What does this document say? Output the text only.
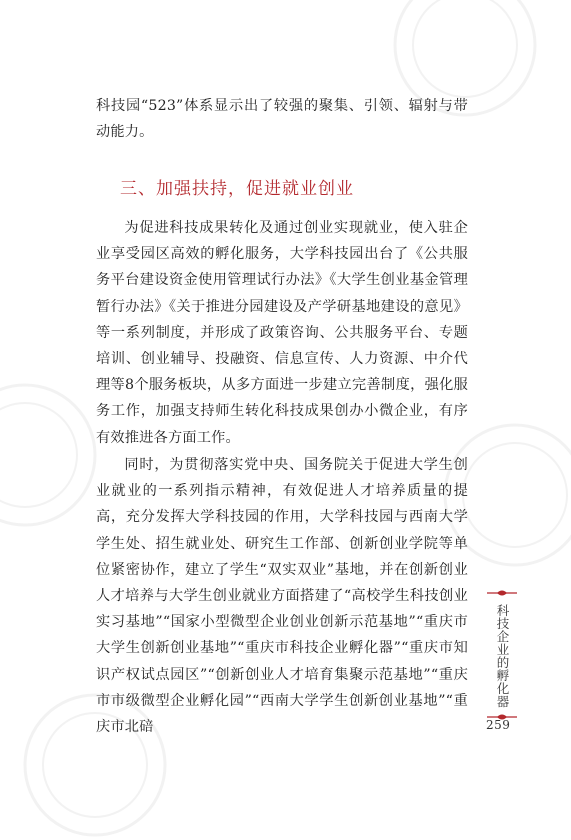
科技园“523”体系显示出了较强的聚集、引领、辐射与带动能力。

三、加强扶持，促进就业创业

为促进科技成果转化及通过创业实现就业，使入驻企业享受园区高效的孵化服务，大学科技园出台了《公共服务平台建设资金使用管理试行办法》《大学生创业基金管理暂行办法》《关于推进分园建设及产学研基地建设的意见》等一系列制度，并形成了政策咨询、公共服务平台、专题培训、创业辅导、投融资、信息宣传、人力资源、中介代理等8个服务板块，从多方面进一步建立完善制度，强化服务工作，加强支持师生转化科技成果创办小微企业，有序有效推进各方面工作。

同时，为贯彻落实党中央、国务院关于促进大学生创业就业的一系列指示精神，有效促进人才培养质量的提高，充分发挥大学科技园的作用，大学科技园与西南大学学生处、招生就业处、研究生工作部、创新创业学院等单位紧密协作，建立了学生“双实双业”基地，并在创新创业人才培养与大学生创业就业方面搭建了“高校学生科技创业实习基地”“国家小型微型企业创业创新示范基地”“重庆市大学生创新创业基地”“重庆市科技企业孵化器”“重庆市知识产权试点园区”“创新创业人才培育集聚示范基地”“重庆市市级微型企业孵化园”“西南大学学生创新创业基地”“重庆市北碚

科技企业的孵化器
259
